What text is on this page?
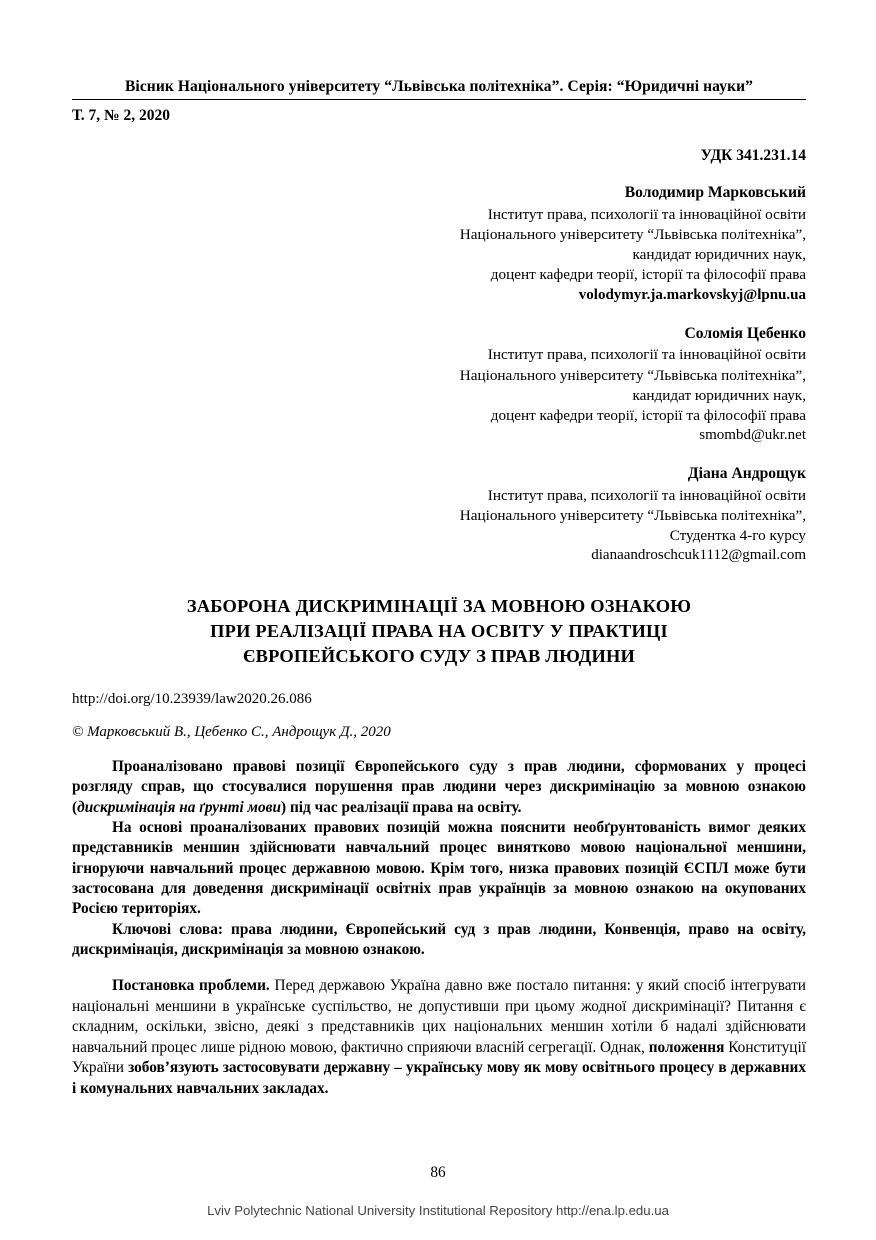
Вісник Національного університету “Львівська політехніка”. Серія: “Юридичні науки”
Т. 7, № 2, 2020
УДК 341.231.14
Володимир Марковський
Інститут права, психології та інноваційної освіти
Національного університету “Львівська політехніка”,
кандидат юридичних наук,
доцент кафедри теорії, історії та філософії права
volodymyr.ja.markovskyj@lpnu.ua
Соломія Цебенко
Інститут права, психології та інноваційної освіти
Національного університету “Львівська політехніка”,
кандидат юридичних наук,
доцент кафедри теорії, історії та філософії права
smombd@ukr.net
Діана Андрощук
Інститут права, психології та інноваційної освіти
Національного університету “Львівська політехніка”,
Студентка 4-го курсу
dianaandroschcuk1112@gmail.com
ЗАБОРОНА ДИСКРИМІНАЦІЇ ЗА МОВНОЮ ОЗНАКОЮ
ПРИ РЕАЛІЗАЦІЇ ПРАВА НА ОСВІТУ У ПРАКТИЦІ
ЄВРОПЕЙСЬКОГО СУДУ З ПРАВ ЛЮДИНИ
http://doi.org/10.23939/law2020.26.086
© Марковський В., Цебенко С., Андрощук Д., 2020

Проаналізовано правові позиції Європейського суду з прав людини, сформованих у процесі розгляду справ, що стосувалися порушення прав людини через дискримінацію за мовною ознакою (дискримінація на ґрунті мови) під час реалізації права на освіту.

На основі проаналізованих правових позицій можна пояснити необґрунтованість вимог деяких представників меншин здійснювати навчальний процес винятково мовою національної меншини, ігноруючи навчальний процес державною мовою. Крім того, низка правових позицій ЄСПЛ може бути застосована для доведення дискримінації освітніх прав українців за мовною ознакою на окупованих Росією територіях.

Ключові слова: права людини, Європейський суд з прав людини, Конвенція, право на освіту, дискримінація, дискримінація за мовною ознакою.

Постановка проблеми. Перед державою Україна давно вже постало питання: у який спосіб інтегрувати національні меншини в українське суспільство, не допустивши при цьому жодної дискримінації? Питання є складним, оскільки, звісно, деякі з представників цих національних меншин хотіли б надалі здійснювати навчальний процес лише рідною мовою, фактично сприяючи власній сегрегації. Однак, положення Конституції України зобов’язують застосовувати державну – українську мову як мову освітнього процесу в державних і комунальних навчальних закладах.

86
Lviv Polytechnic National University Institutional Repository http://ena.lp.edu.ua
